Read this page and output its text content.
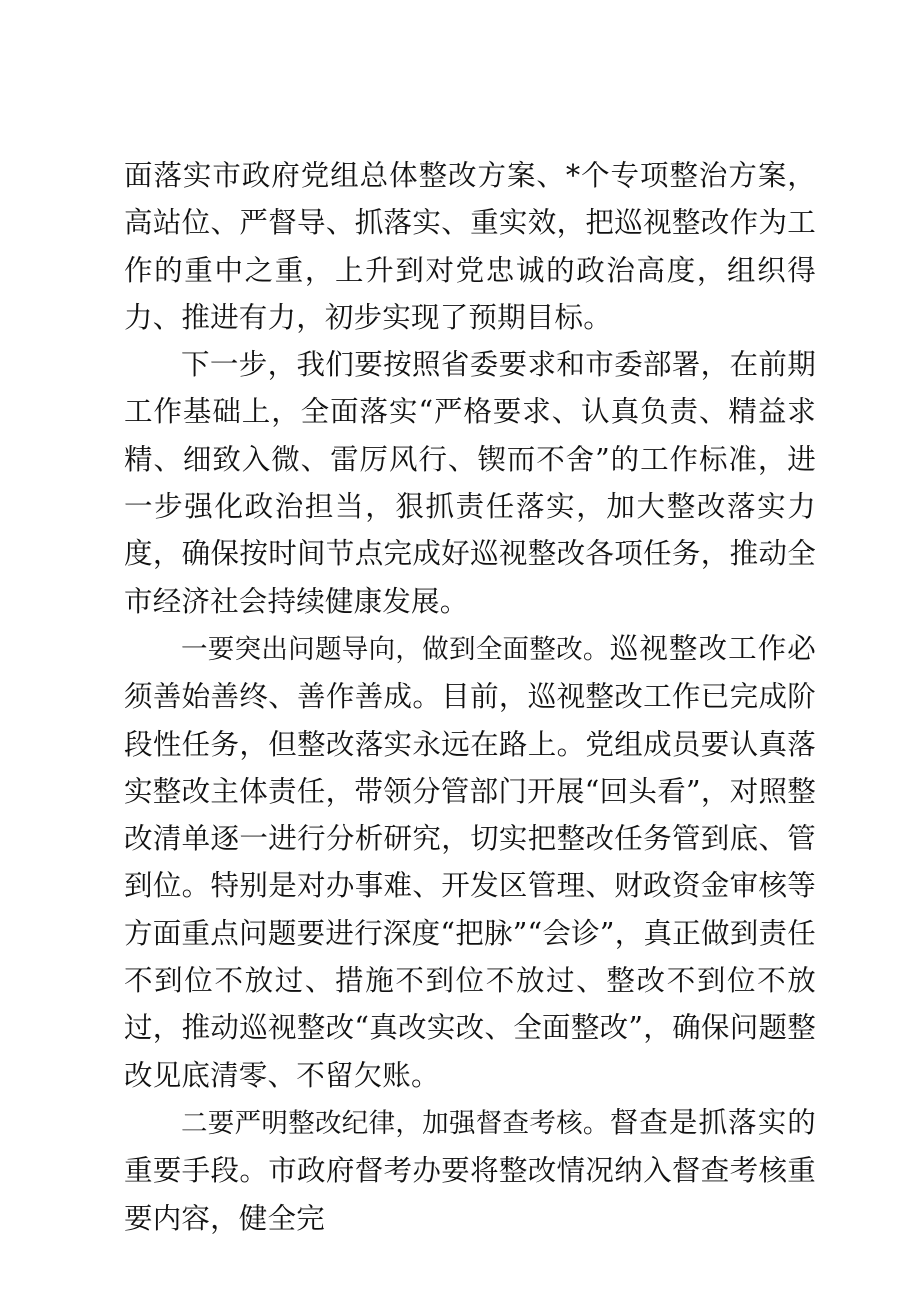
面落实市政府党组总体整改方案、*个专项整治方案，高站位、严督导、抓落实、重实效，把巡视整改作为工作的重中之重，上升到对党忠诚的政治高度，组织得力、推进有力，初步实现了预期目标。

下一步，我们要按照省委要求和市委部署，在前期工作基础上，全面落实“严格要求、认真负责、精益求精、细致入微、雷厉风行、锲而不舍”的工作标准，进一步强化政治担当，狠抓责任落实，加大整改落实力度，确保按时间节点完成好巡视整改各项任务，推动全市经济社会持续健康发展。

一要突出问题导向，做到全面整改。巡视整改工作必须善始善终、善作善成。目前，巡视整改工作已完成阶段性任务，但整改落实永远在路上。党组成员要认真落实整改主体责任，带领分管部门开展“回头看”，对照整改清单逐一进行分析研究，切实把整改任务管到底、管到位。特别是对办事难、开发区管理、财政资金审核等方面重点问题要进行深度“把脉”“会诊”，真正做到责任不到位不放过、措施不到位不放过、整改不到位不放过，推动巡视整改“真改实改、全面整改”，确保问题整改见底清零、不留欠账。

二要严明整改纪律，加强督查考核。督查是抓落实的重要手段。市政府督考办要将整改情况纳入督查考核重要内容，健全完
